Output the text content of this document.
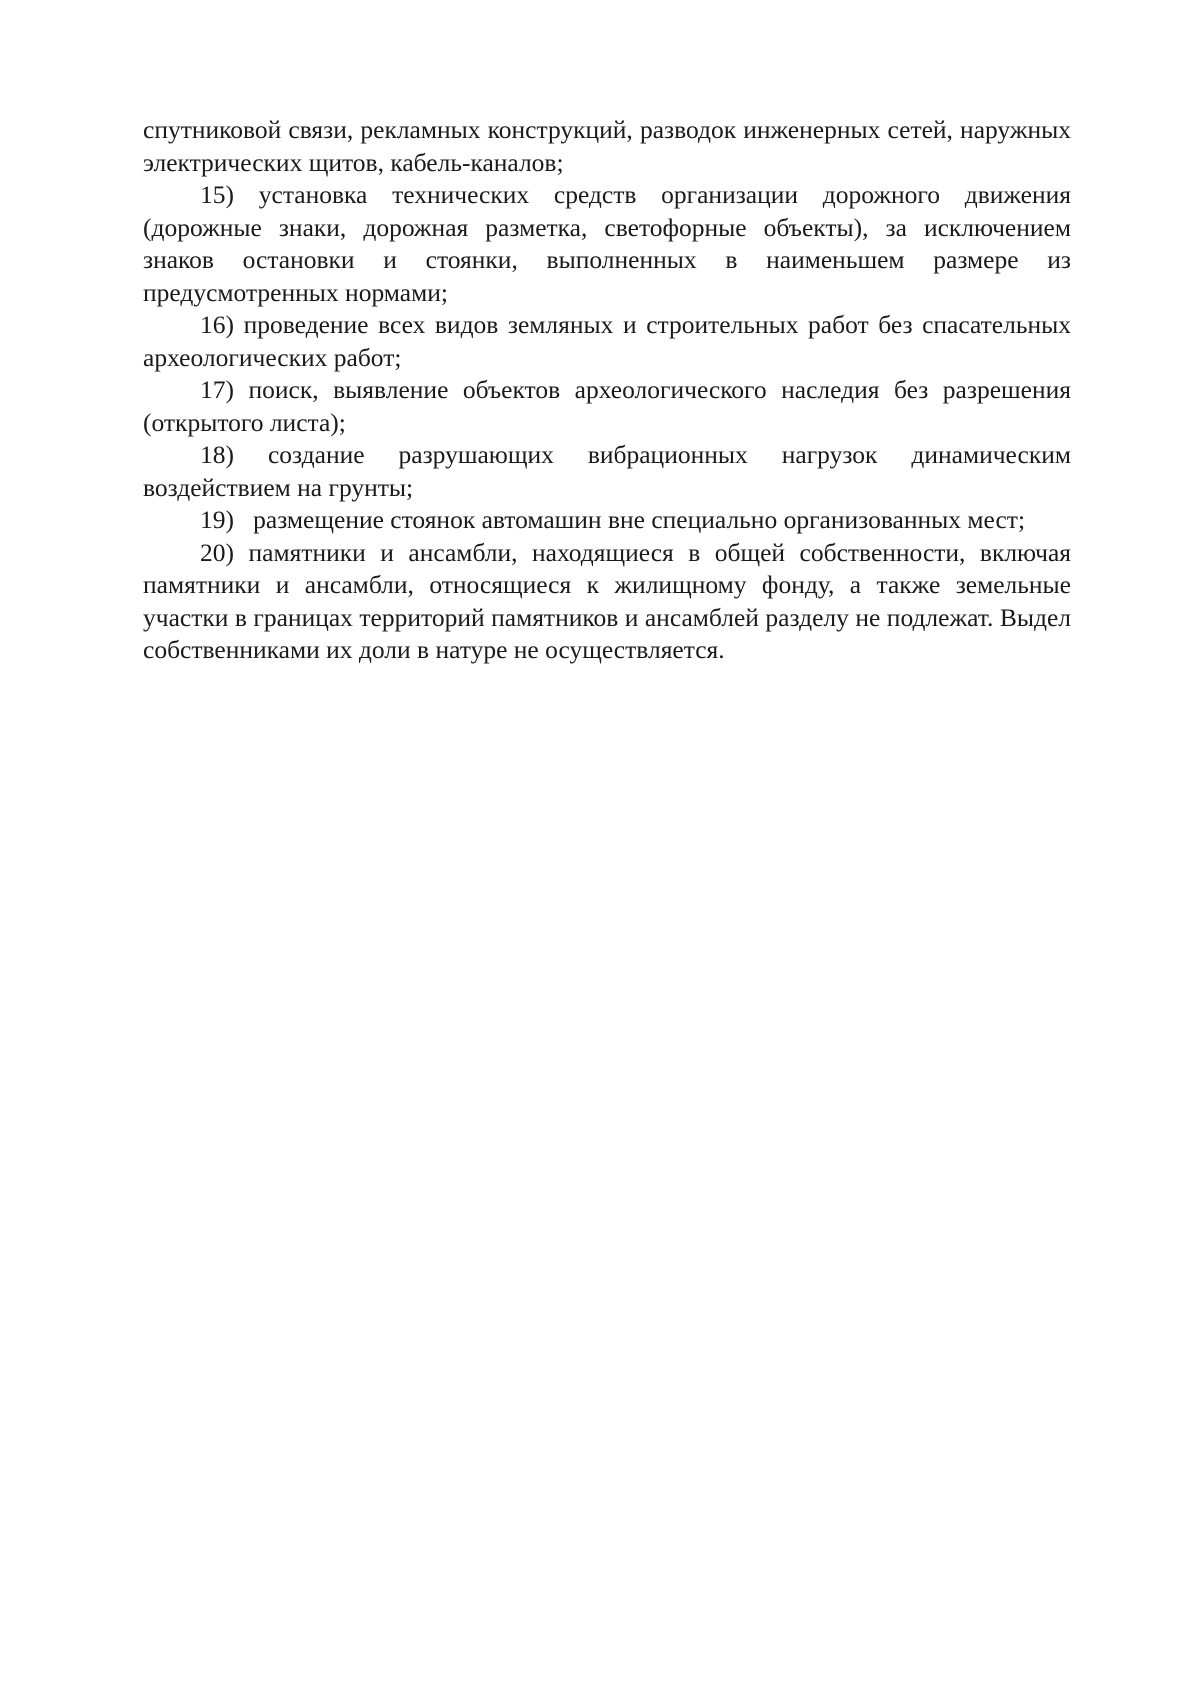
спутниковой связи, рекламных конструкций, разводок инженерных сетей, наружных электрических щитов, кабель-каналов;

15) установка технических средств организации дорожного движения (дорожные знаки, дорожная разметка, светофорные объекты), за исключением знаков остановки и стоянки, выполненных в наименьшем размере из предусмотренных нормами;

16) проведение всех видов земляных и строительных работ без спасательных археологических работ;

17) поиск, выявление объектов археологического наследия без разрешения (открытого листа);

18) создание разрушающих вибрационных нагрузок динамическим воздействием на грунты;

19) размещение стоянок автомашин вне специально организованных мест;

20) памятники и ансамбли, находящиеся в общей собственности, включая памятники и ансамбли, относящиеся к жилищному фонду, а также земельные участки в границах территорий памятников и ансамблей разделу не подлежат. Выдел собственниками их доли в натуре не осуществляется.
